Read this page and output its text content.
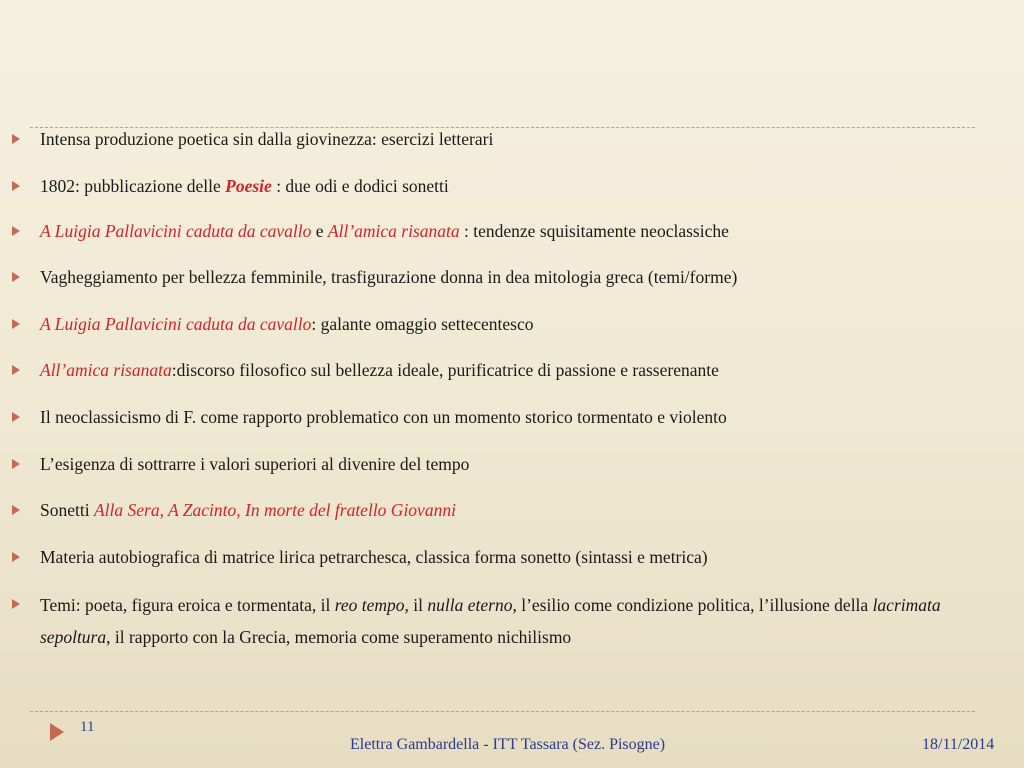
Intensa produzione poetica sin dalla giovinezza: esercizi letterari
1802: pubblicazione delle Poesie : due odi e dodici sonetti
A Luigia Pallavicini caduta da cavallo e All’amica risanata : tendenze squisitamente neoclassiche
Vagheggiamento per bellezza femminile, trasfigurazione donna in dea mitologia greca (temi/forme)
A Luigia Pallavicini caduta da cavallo: galante omaggio settecentesco
All’amica risanata:discorso filosofico sul bellezza ideale, purificatrice di passione e rasserenante
Il neoclassicismo di F. come rapporto problematico con un momento storico tormentato e violento
L’esigenza di sottrarre i valori superiori al divenire del tempo
Sonetti Alla Sera, A Zacinto, In morte del fratello Giovanni
Materia autobiografica di matrice lirica petrarchesca, classica forma sonetto (sintassi e metrica)
Temi: poeta, figura eroica e tormentata, il reo tempo, il nulla eterno, l’esilio come condizione politica, l’illusione della lacrimata sepoltura, il rapporto con la Grecia, memoria come superamento nichilismo
11
Elettra Gambardella - ITT Tassara (Sez. Pisogne)	18/11/2014
